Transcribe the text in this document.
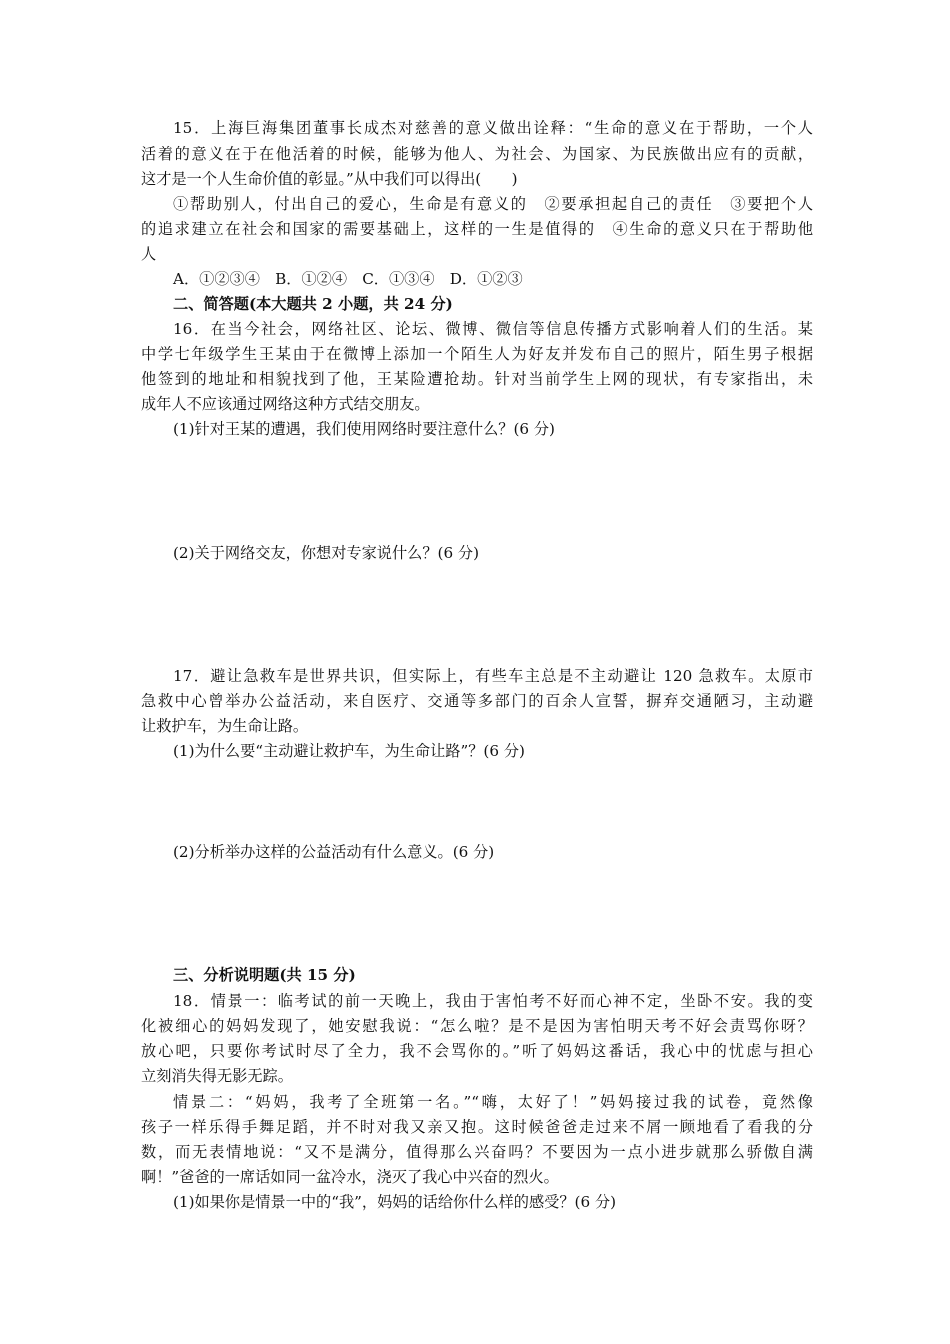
15．上海巨海集团董事长成杰对慈善的意义做出诠释：“生命的意义在于帮助，一个人
活着的意义在于在他活着的时候，能够为他人、为社会、为国家、为民族做出应有的贡献，
这才是一个人生命价值的彰显。”从中我们可以得出(　　)
①帮助别人，付出自己的爱心，生命是有意义的　②要承担起自己的责任　③要把个人
的追求建立在社会和国家的需要基础上，这样的一生是值得的　④生命的意义只在于帮助他
人
A．①②③④　B．①②④　C．①③④　D．①②③
二、简答题(本大题共 2 小题，共 24 分)
16．在当今社会，网络社区、论坛、微博、微信等信息传播方式影响着人们的生活。某
中学七年级学生王某由于在微博上添加一个陌生人为好友并发布自己的照片，陌生男子根据
他签到的地址和相貌找到了他，王某险遭抢劫。针对当前学生上网的现状，有专家指出，未
成年人不应该通过网络这种方式结交朋友。
(1)针对王某的遭遇，我们使用网络时要注意什么？(6 分)
(2)关于网络交友，你想对专家说什么？(6 分)
17．避让急救车是世界共识，但实际上，有些车主总是不主动避让 120 急救车。太原市
急救中心曾举办公益活动，来自医疗、交通等多部门的百余人宣誓，摒弃交通陋习，主动避
让救护车，为生命让路。
(1)为什么要“主动避让救护车，为生命让路”？(6 分)
(2)分析举办这样的公益活动有什么意义。(6 分)
三、分析说明题(共 15 分)
18．情景一：临考试的前一天晚上，我由于害怕考不好而心神不定，坐卧不安。我的变
化被细心的妈妈发现了，她安慰我说：“怎么啦？是不是因为害怕明天考不好会责骂你呀？
放心吧，只要你考试时尽了全力，我不会骂你的。”听了妈妈这番话，我心中的忧虑与担心
立刻消失得无影无踪。
情景二：“妈妈，我考了全班第一名。”“嗨，太好了！”妈妈接过我的试卷，竟然像
孩子一样乐得手舞足蹈，并不时对我又亲又抱。这时候爸爸走过来不屑一顾地看了看我的分
数，而无表情地说：“又不是满分，值得那么兴奋吗？不要因为一点小进步就那么骄傲自满
啊！”爸爸的一席话如同一盆冷水，浇灭了我心中兴奋的烈火。
(1)如果你是情景一中的“我”，妈妈的话给你什么样的感受？(6 分)
